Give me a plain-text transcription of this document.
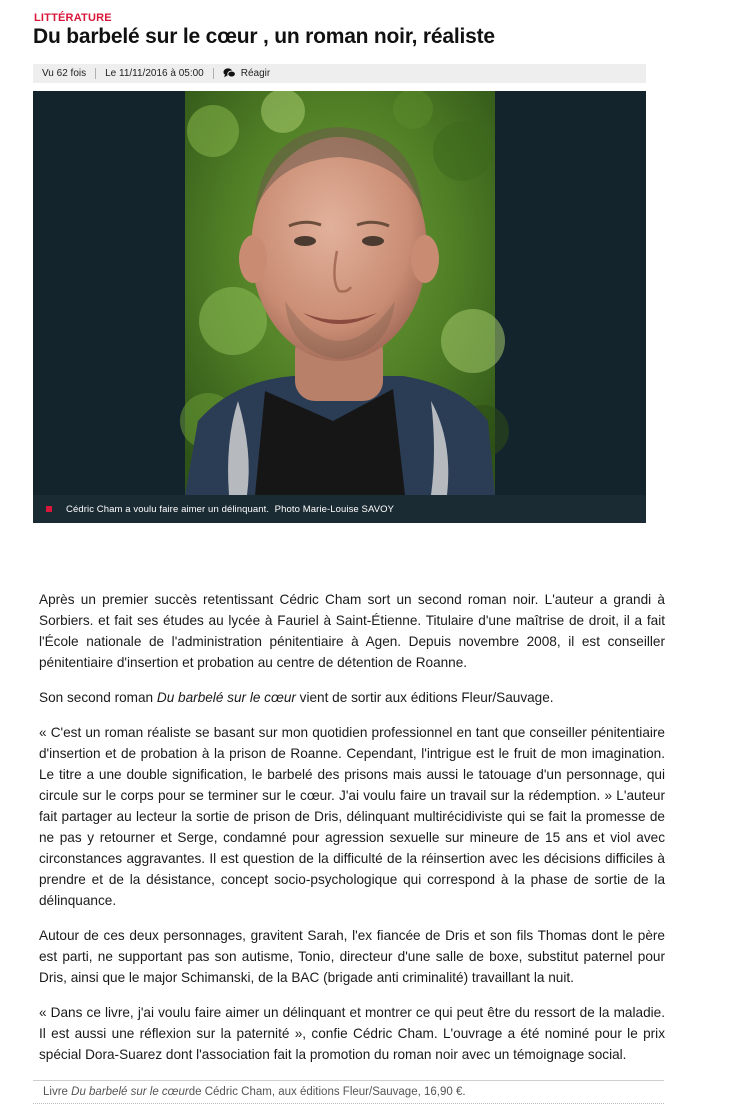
LITTÉRATURE
Du barbelé sur le cœur , un roman noir, réaliste
Vu 62 fois	Le 11/11/2016 à 05:00	Réagir
Cédric Cham a voulu faire aimer un délinquant. Photo Marie-Louise SAVOY

Après un premier succès retentissant Cédric Cham sort un second roman noir. L'auteur a grandi à Sorbiers. et fait ses études au lycée à Fauriel à Saint-Étienne. Titulaire d'une maîtrise de droit, il a fait l'École nationale de l'administration pénitentiaire à Agen. Depuis novembre 2008, il est conseiller pénitentiaire d'insertion et probation au centre de détention de Roanne.

Son second roman Du barbelé sur le cœur vient de sortir aux éditions Fleur/Sauvage.

« C'est un roman réaliste se basant sur mon quotidien professionnel en tant que conseiller pénitentiaire d'insertion et de probation à la prison de Roanne. Cependant, l'intrigue est le fruit de mon imagination. Le titre a une double signification, le barbelé des prisons mais aussi le tatouage d'un personnage, qui circule sur le corps pour se terminer sur le cœur. J'ai voulu faire un travail sur la rédemption. » L'auteur fait partager au lecteur la sortie de prison de Dris, délinquant multirécidiviste qui se fait la promesse de ne pas y retourner et Serge, condamné pour agression sexuelle sur mineure de 15 ans et viol avec circonstances aggravantes. Il est question de la difficulté de la réinsertion avec les décisions difficiles à prendre et de la désistance, concept socio-psychologique qui correspond à la phase de sortie de la délinquance.

Autour de ces deux personnages, gravitent Sarah, l'ex fiancée de Dris et son fils Thomas dont le père est parti, ne supportant pas son autisme, Tonio, directeur d'une salle de boxe, substitut paternel pour Dris, ainsi que le major Schimanski, de la BAC (brigade anti criminalité) travaillant la nuit.

« Dans ce livre, j'ai voulu faire aimer un délinquant et montrer ce qui peut être du ressort de la maladie. Il est aussi une réflexion sur la paternité », confie Cédric Cham. L'ouvrage a été nominé pour le prix spécial Dora-Suarez dont l'association fait la promotion du roman noir avec un témoignage social.

Livre
Du barbelé sur le cœur de Cédric Cham, aux éditions Fleur/Sauvage, 16,90 €.
